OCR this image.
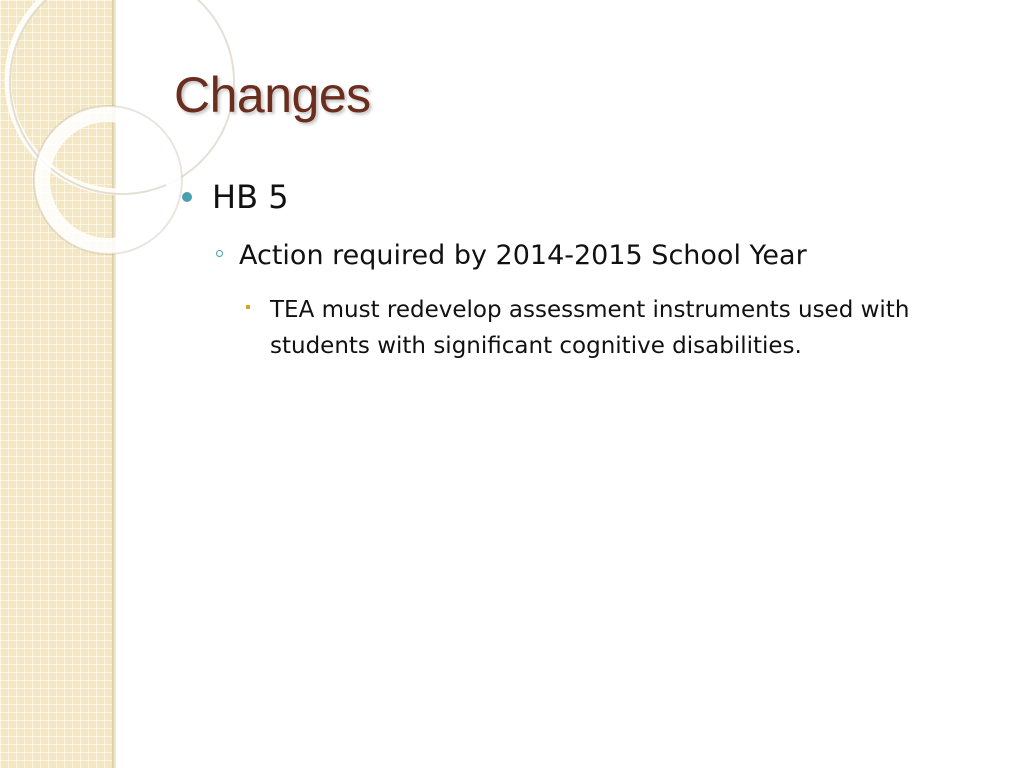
Changes
HB 5
Action required by 2014-2015 School Year
TEA must redevelop assessment instruments used with students with significant cognitive disabilities.
